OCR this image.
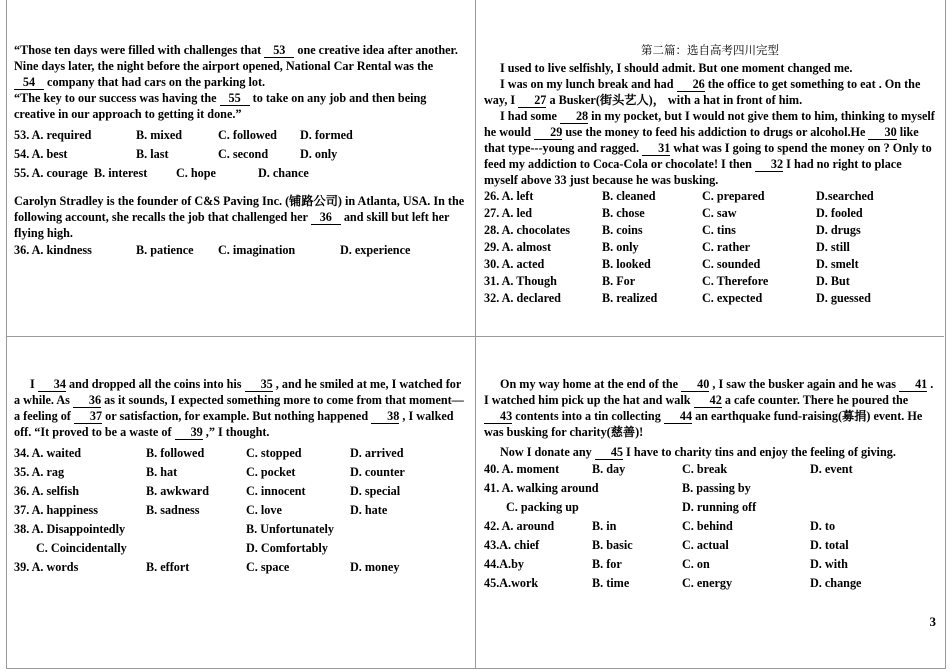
“Those ten days were filled with challenges that 53 one creative idea after another. Nine days later, the night before the airport opened, National Car Rental was the 54 company that had cars on the parking lot.

“The key to our success was having the 55 to take on any job and then being creative in our approach to getting it done.”

53. A. required	B. mixed	C. followed	D. formed
54. A. best	B. last	C. second	D. only
55. A. courage B. interest	C. hope	D. chance

Carolyn Stradley is the founder of C&S Paving Inc. (铺路公司) in Atlanta, USA. In the following account, she recalls the job that challenged her 36 and skill but left her flying high.

36. A. kindness	B. patience	C. imagination	D. experience

第二篇：选自高考四川完型

I used to live selfishly, I should admit. But one moment changed me.

I was on my lunch break and had 26 the office to get something to eat . On the way, I 27 a Busker(街头艺人)， with a hat in front of him.

I had some 28 in my pocket, but I would not give them to him, thinking to myself he would 29 use the money to feed his addiction to drugs or alcohol.He 30 like that type---young and ragged. 31 what was I going to spend the money on ? Only to feed my addiction to Coca-Cola or chocolate! I then 32 I had no right to place myself above 33 just because he was busking.

26. A. left	B. cleaned	C. prepared	D.searched
27. A. led	B. chose	C. saw	D. fooled
28. A. chocolates	B. coins	C. tins	D. drugs
29. A. almost	B. only	C. rather	D. still
30. A. acted	B. looked	C. sounded	D. smelt
31. A. Though	B. For	C. Therefore	D. But
32. A. declared	B. realized	C. expected	D. guessed

I 34 and dropped all the coins into his 35 , and he smiled at me, I watched for a while. As 36 as it sounds, I expected something more to come from that moment—a feeling of 37 or satisfaction, for example. But nothing happened 38 , I walked off. “It proved to be a waste of 39 ,” I thought.

34. A. waited	B. followed	C. stopped	D. arrived
35. A. rag	B. hat	C. pocket	D. counter
36. A. selfish	B. awkward	C. innocent	D. special
37. A. happiness	B. sadness	C. love	D. hate
38. A. Disappointedly	B. Unfortunately
C. Coincidentally	D. Comfortably
39. A. words	B. effort	C. space	D. money

On my way home at the end of the 40 , I saw the busker again and he was 41 . I watched him pick up the hat and walk 42 a cafe counter. There he poured the 43 contents into a tin collecting 44 an earthquake fund-raising(募捐) event. He was busking for charity(慈善)!

Now I donate any 45 I have to charity tins and enjoy the feeling of giving.

40. A. moment	B. day	C. break	D. event
41. A. walking around	B. passing by
C. packing up	D. running off
42. A. around	B. in	C. behind	D. to
43.A. chief	B. basic	C. actual	D. total
44.A.by	B. for	C. on	D. with
45.A.work	B. time	C. energy	D. change
3
